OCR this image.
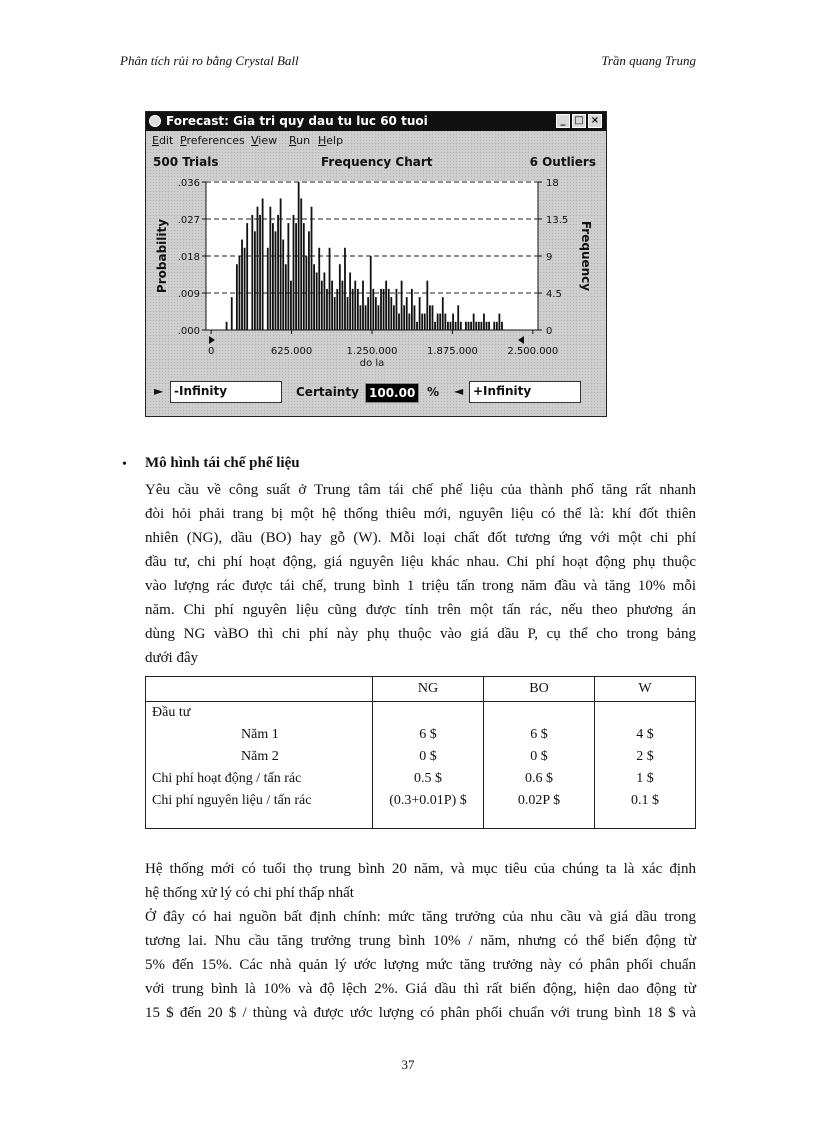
Phân tích rủi ro bằng Crystal Ball	Trần quang Trung
Forecast: Gia tri quy dau tu luc 60 tuoi	_ □ ×
Edit Preferences View Run Help
500 Trials	Frequency Chart	6 Outliers
.000	0
.009	4.5
.018	9
.027	13.5
.036	18
0	625.000	1.250.000	1.875.000	2.500.000
do la
Probability	Frequency
► -Infinity	Certainty 100.00 % ◄ +Infinity
• Mô hình tái chế phế liệu
Yêu cầu về công suất ở Trung tâm tái chế phế liệu của thành phố tăng rất nhanh
đòi hỏi phải trang bị một hệ thống thiêu mới, nguyên liệu có thể là: khí đốt thiên
nhiên (NG), dầu (BO) hay gỗ (W). Mỗi loại chất đốt tương ứng với một chi phí
đầu tư, chi phí hoạt động, giá nguyên liệu khác nhau. Chi phí hoạt động phụ thuộc
vào lượng rác được tái chế, trung bình 1 triệu tấn trong năm đầu và tăng 10% mỗi
năm. Chi phí nguyên liệu cũng được tính trên một tấn rác, nếu theo phương án
dùng NG vàBO thì chi phí này phụ thuộc vào giá dầu P, cụ thể cho trong bảng
dưới đây
	NG	BO	W
Đầu tư			
Năm 1	6 $	6 $	4 $
Năm 2	0 $	0 $	2 $
Chi phí hoạt động / tấn rác	0.5 $	0.6 $	1 $
Chi phí nguyên liệu / tấn rác	(0.3+0.01P) $	0.02P $	0.1 $

Hệ thống mới có tuổi thọ trung bình 20 năm, và mục tiêu của chúng ta là xác định
hệ thống xử lý có chi phí thấp nhất
Ở đây có hai nguồn bất định chính: mức tăng trưởng của nhu cầu và giá dầu trong
tương lai. Nhu cầu tăng trưởng trung bình 10% / năm, nhưng có thể biến động từ
5% đến 15%. Các nhà quản lý ước lượng mức tăng trưởng này có phân phối chuẩn
với trung bình là 10% và độ lệch 2%. Giá dầu thì rất biến động, hiện dao động từ
15 $ đến 20 $ / thùng và được ước lượng có phân phối chuẩn với trung bình 18 $ và
37
